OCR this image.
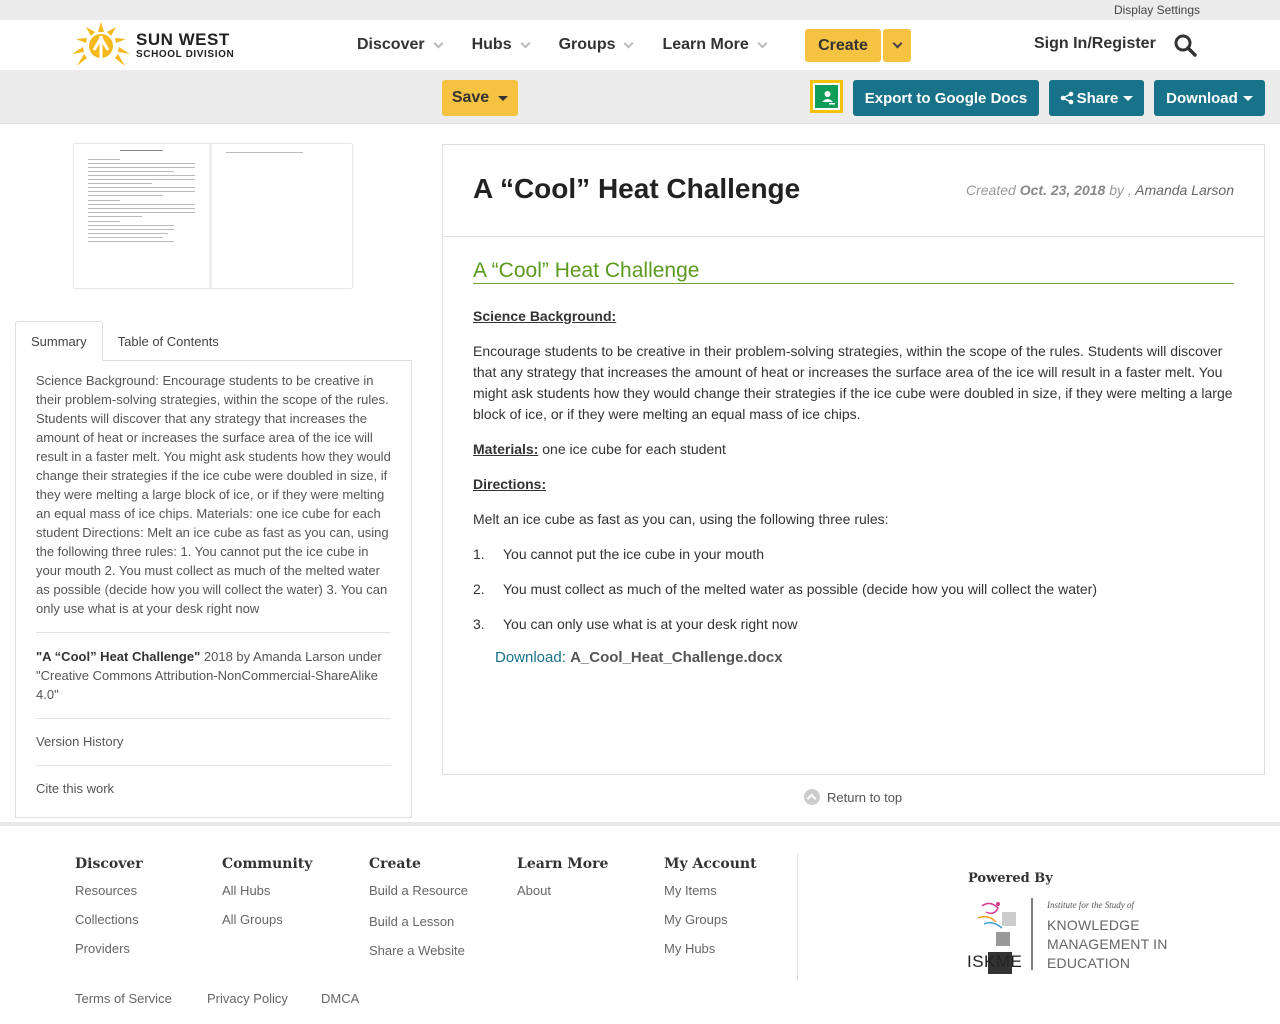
Display Settings
SUN WEST
SCHOOL DIVISION
Discover	Hubs	Groups	Learn More	Create	Sign In/Register
Save	Export to Google Docs	Share	Download
Summary	Table of Contents
Science Background: Encourage students to be creative in their problem-solving strategies, within the scope of the rules. Students will discover that any strategy that increases the amount of heat or increases the surface area of the ice will result in a faster melt. You might ask students how they would change their strategies if the ice cube were doubled in size, if they were melting a large block of ice, or if they were melting an equal mass of ice chips. Materials: one ice cube for each student Directions: Melt an ice cube as fast as you can, using the following three rules: 1. You cannot put the ice cube in your mouth 2. You must collect as much of the melted water as possible (decide how you will collect the water) 3. You can only use what is at your desk right now
"A “Cool” Heat Challenge" 2018 by Amanda Larson under "Creative Commons Attribution-NonCommercial-ShareAlike 4.0"
Version History
Cite this work
A “Cool” Heat Challenge	Created Oct. 23, 2018 by , Amanda Larson
A “Cool” Heat Challenge
Science Background:
Encourage students to be creative in their problem-solving strategies, within the scope of the rules. Students will discover that any strategy that increases the amount of heat or increases the surface area of the ice will result in a faster melt. You might ask students how they would change their strategies if the ice cube were doubled in size, if they were melting a large block of ice, or if they were melting an equal mass of ice chips.
Materials: one ice cube for each student
Directions:
Melt an ice cube as fast as you can, using the following three rules:
1.	You cannot put the ice cube in your mouth
2.	You must collect as much of the melted water as possible (decide how you will collect the water)
3.	You can only use what is at your desk right now
Download: A_Cool_Heat_Challenge.docx
Return to top
Discover
Resources
Collections
Providers
Community
All Hubs
All Groups
Create
Build a Resource
Build a Lesson
Share a Website
Learn More
About
My Account
My Items
My Groups
My Hubs
Powered By
ISKME
Institute for the Study of
KNOWLEDGE
MANAGEMENT IN
EDUCATION
Terms of Service	Privacy Policy	DMCA
